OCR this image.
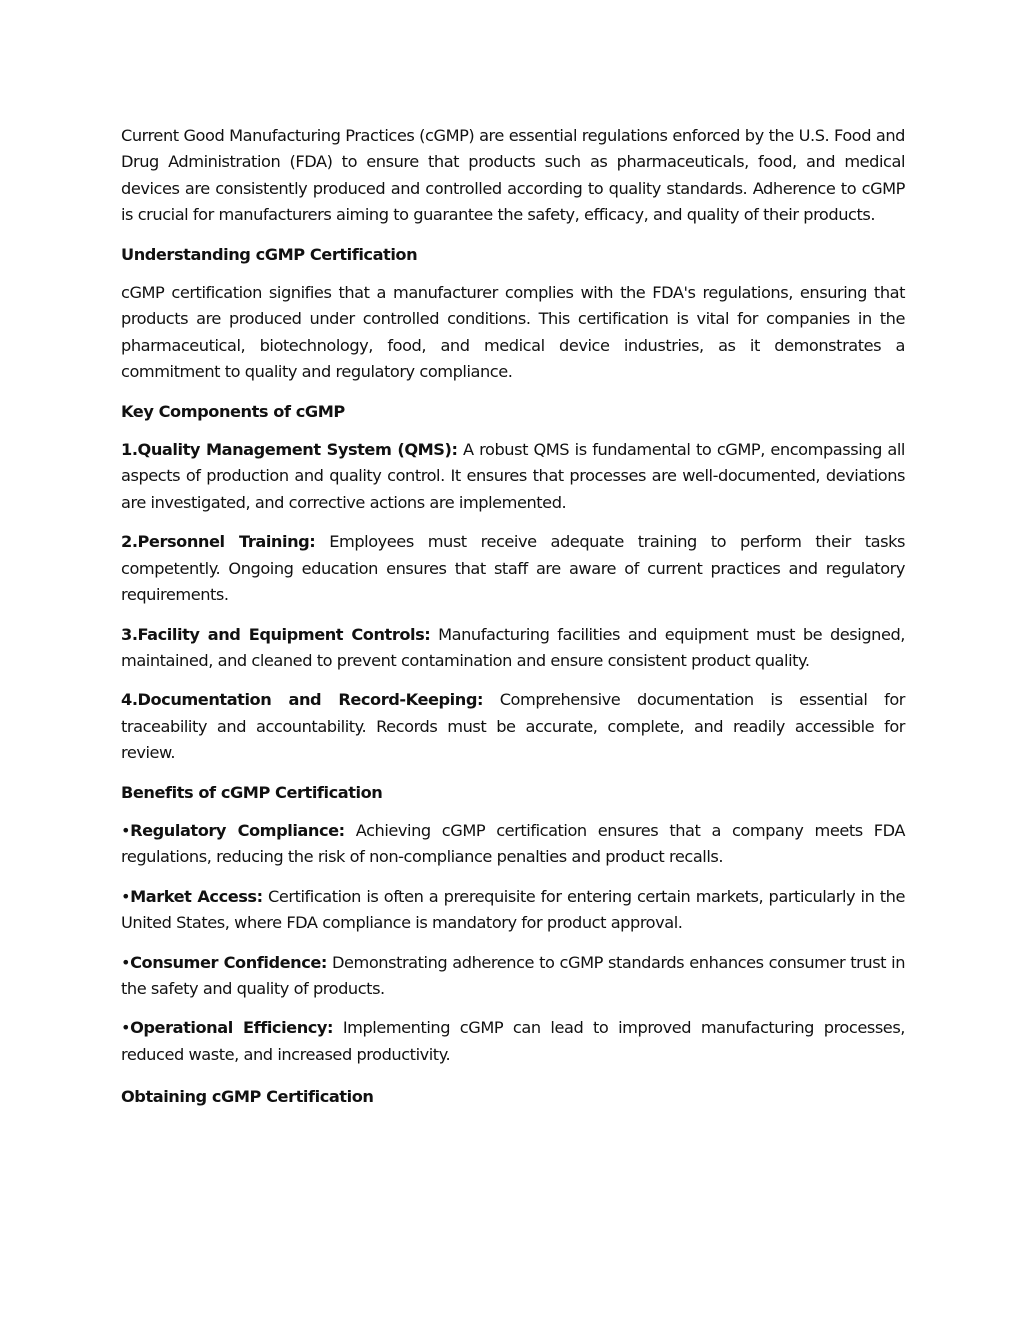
Current Good Manufacturing Practices (cGMP) are essential regulations enforced by the U.S. Food and Drug Administration (FDA) to ensure that products such as pharmaceuticals, food, and medical devices are consistently produced and controlled according to quality standards. Adherence to cGMP is crucial for manufacturers aiming to guarantee the safety, efficacy, and quality of their products.

Understanding cGMP Certification

cGMP certification signifies that a manufacturer complies with the FDA's regulations, ensuring that products are produced under controlled conditions. This certification is vital for companies in the pharmaceutical, biotechnology, food, and medical device industries, as it demonstrates a commitment to quality and regulatory compliance.

Key Components of cGMP

1.Quality Management System (QMS): A robust QMS is fundamental to cGMP, encompassing all aspects of production and quality control. It ensures that processes are well-documented, deviations are investigated, and corrective actions are implemented.

2.Personnel Training: Employees must receive adequate training to perform their tasks competently. Ongoing education ensures that staff are aware of current practices and regulatory requirements.

3.Facility and Equipment Controls: Manufacturing facilities and equipment must be designed, maintained, and cleaned to prevent contamination and ensure consistent product quality.

4.Documentation and Record-Keeping: Comprehensive documentation is essential for traceability and accountability. Records must be accurate, complete, and readily accessible for review.

Benefits of cGMP Certification

•Regulatory Compliance: Achieving cGMP certification ensures that a company meets FDA regulations, reducing the risk of non-compliance penalties and product recalls.

•Market Access: Certification is often a prerequisite for entering certain markets, particularly in the United States, where FDA compliance is mandatory for product approval.

•Consumer Confidence: Demonstrating adherence to cGMP standards enhances consumer trust in the safety and quality of products.

•Operational Efficiency: Implementing cGMP can lead to improved manufacturing processes, reduced waste, and increased productivity.

Obtaining cGMP Certification
